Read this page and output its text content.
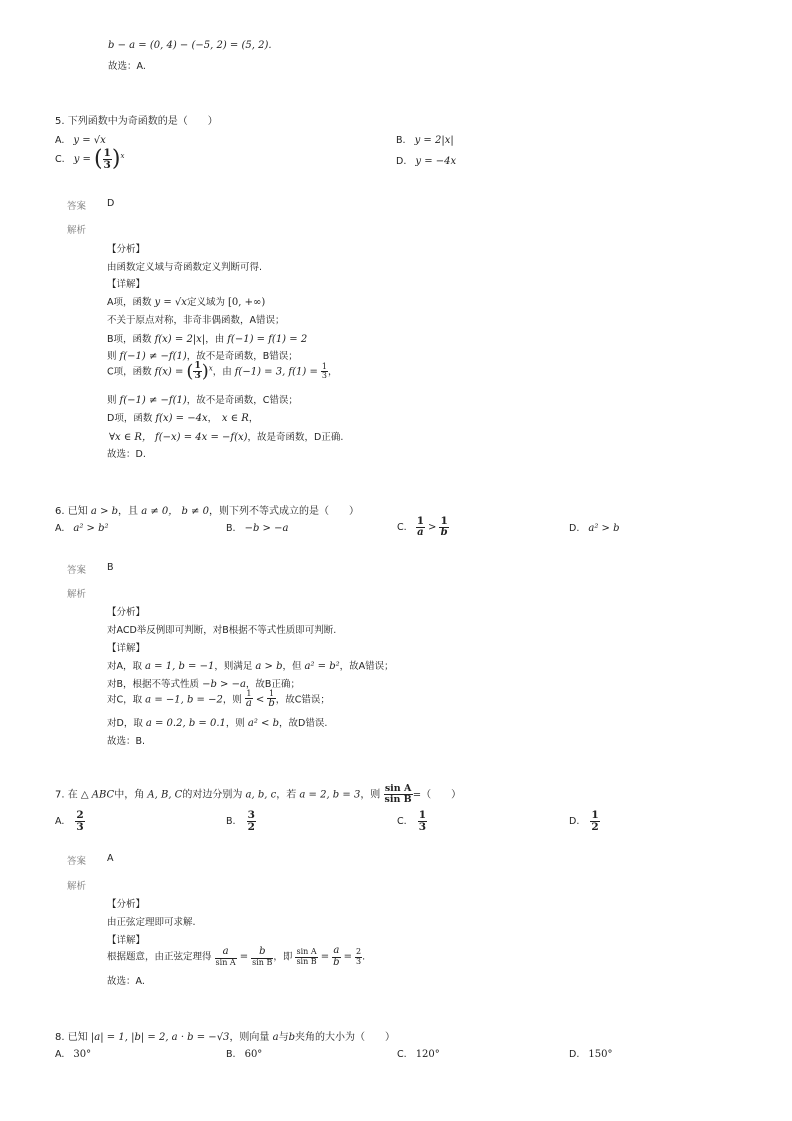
b − a = (0, 4) − (−5, 2) = (5, 2).
故选：A.
5. 下列函数中为奇函数的是（　　）
A. y = √x	B. y = 2|x|
C. y = ( $\frac{1}{3} )^x$
D. y = −4x
答案 D
解析
【分析】
由函数定义域与奇函数定义判断可得.
【详解】
A项，函数 y = √x定义域为 [0, +∞)
不关于原点对称，非奇非偶函数，A错误；
B项，函数 f(x) = 2|x|，由 f(−1) = f(1) = 2
则 f(−1) ≠ −f(1)，故不是奇函数，B错误；
C项，函数 f(x) = ( $\frac{1}{3} )^x$，由 f(−1) = 3, $f(1) = \frac{1}{3}$ ，
则 f(−1) ≠ −f(1)，故不是奇函数，C错误；
D项，函数 f(x) = −4x，　x ∈ R，
∀x ∈ R， f(−x) = 4x = −f(x)，故是奇函数，D正确.
故选：D.
6. 已知 a > b，且 a ≠ 0， b ≠ 0，则下列不等式成立的是（　　）
A. a² > b²	B. −b > −a	C. $\frac{1}{a} > \frac{1}{b}$	D. a² > b
答案 B
解析
【分析】
对ACD举反例即可判断，对B根据不等式性质即可判断.
【详解】
对A，取 a = 1, b = −1，则满足 a > b，但 a² = b²，故A错误；
对B，根据不等式性质 −b > −a，故B正确；
对C，取 a = −1, b = −2，则 $\frac{1}{a} < \frac{1}{b}$ ，故C错误；
对D，取 a = 0.2, b = 0.1，则 a² < b，故D错误.
故选：B.
7. 在 △ ABC中，角 A, B, C的对边分别为 a, b, c，若 a = 2, b = 3，则 $\frac{\text{sin A}}{\text{sin B}}$ =（　　）
A. $\frac{2}{3}$	B. $\frac{3}{2}$	C. $\frac{1}{3}$	D. $\frac{1}{2}$
答案 A
解析
【分析】
由正弦定理即可求解.
【详解】
根据题意，由正弦定理得 $\frac{a}{\text{sin A}} = \frac{b}{\text{sin B}}$ ，即 $\frac{\text{sin A}}{\text{sin B}} = \frac{a}{b} = \frac{2}{3}$ .
故选：A.
8. 已知 |a| = 1, |b| = 2, a · b = −√3，则向量 a与b夹角的大小为（　　）
A. 30°	B. 60°	C. 120°	D. 150°
